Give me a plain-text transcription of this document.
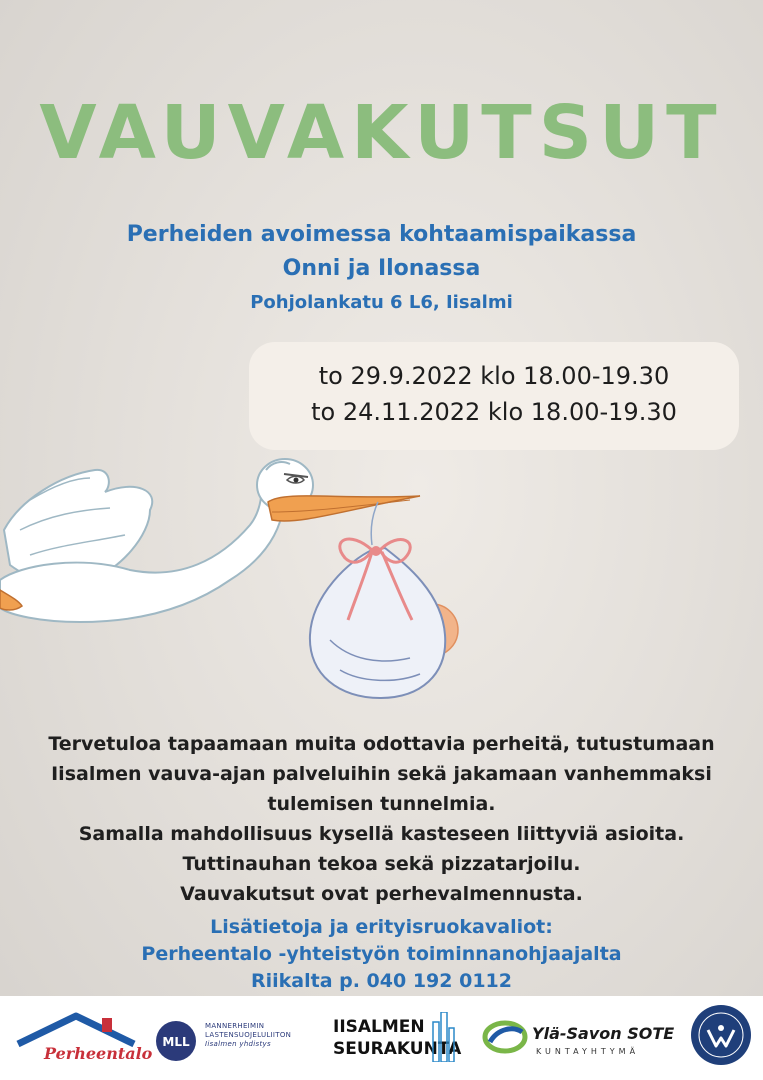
VAUVAKUTSUT
Perheiden avoimessa kohtaamispaikassa
Onni ja Ilonassa
Pohjolankatu 6 L6, Iisalmi
to 29.9.2022 klo 18.00-19.30
to 24.11.2022 klo 18.00-19.30
Tervetuloa tapaamaan muita odottavia perheitä, tutustumaan
Iisalmen vauva-ajan palveluihin sekä jakamaan vanhemmaksi
tulemisen tunnelmia.
Samalla mahdollisuus kysellä kasteseen liittyviä asioita.
Tuttinauhan tekoa sekä pizzatarjoilu.
Vauvakutsut ovat perhevalmennusta.
Lisätietoja ja erityisruokavaliot:
Perheentalo -yhteistyön toiminnanohjaajalta
Riikalta p. 040 192 0112
Perheentalo
MLL
MANNERHEIMIN
LASTENSUOJELULIITON
Iisalmen yhdistys
IISALMEN
SEURAKUNTA
Ylä-Savon SOTE
KUNTAYHTYMÄ
